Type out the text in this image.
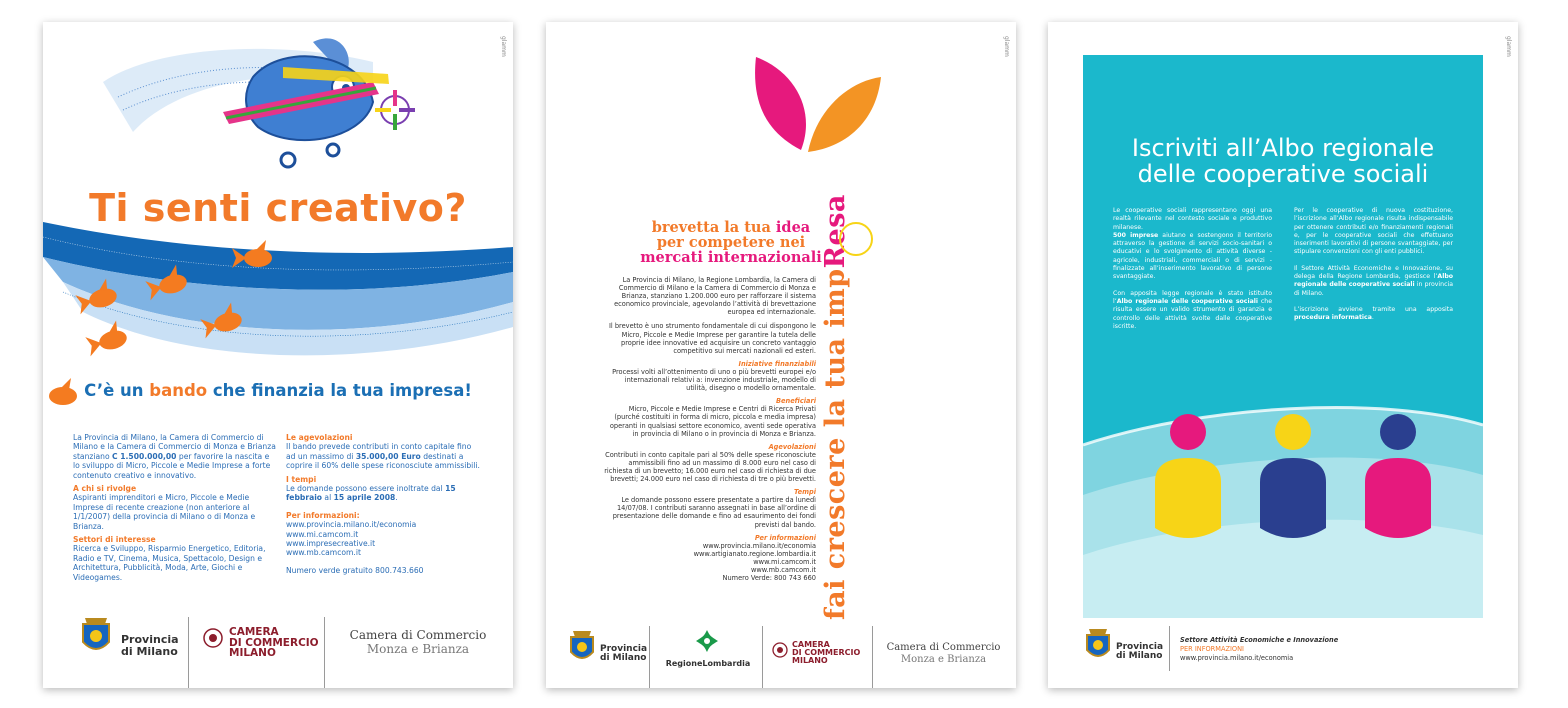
glamm
Ti senti creativo?
C’è un bando che finanzia la tua impresa!
La Provincia di Milano, la Camera di Commercio di Milano e la Camera di Commercio di Monza e Brianza stanziano C 1.500.000,00 per favorire la nascita e lo sviluppo di Micro, Piccole e Medie Imprese a forte contenuto creativo e innovativo.
A chi si rivolge
Aspiranti imprenditori e Micro, Piccole e Medie Imprese di recente creazione (non anteriore al 1/1/2007) della provincia di Milano o di Monza e Brianza.
Settori di interesse
Ricerca e Sviluppo, Risparmio Energetico, Editoria, Radio e TV, Cinema, Musica, Spettacolo, Design e Architettura, Pubblicità, Moda, Arte, Giochi e Videogames.
Le agevolazioni
Il bando prevede contributi in conto capitale fino ad un massimo di 35.000,00 Euro destinati a coprire il 60% delle spese riconosciute ammissibili.
I tempi
Le domande possono essere inoltrate dal 15 febbraio al 15 aprile 2008.
Per informazioni:
www.provincia.milano.it/economia
www.mi.camcom.it
www.impresecreative.it
www.mb.camcom.it
Numero verde gratuito 800.743.660
Provincia
di Milano
CAMERA
DI COMMERCIO
MILANO
Camera di Commercio
Monza e Brianza
glamm
brevetta la tua idea
per competere nei
mercati internazionali
fai crescere la tua impResa
La Provincia di Milano, la Regione Lombardia, la Camera di Commercio di Milano e la Camera di Commercio di Monza e Brianza, stanziano 1.200.000 euro per rafforzare il sistema economico provinciale, agevolando l’attività di brevettazione europea ed internazionale.
Il brevetto è uno strumento fondamentale di cui dispongono le Micro, Piccole e Medie Imprese per garantire la tutela delle proprie idee innovative ed acquisire un concreto vantaggio competitivo sui mercati nazionali ed esteri.
Iniziative finanziabili
Processi volti all’ottenimento di uno o più brevetti europei e/o internazionali relativi a: invenzione industriale, modello di utilità, disegno o modello ornamentale.
Beneficiari
Micro, Piccole e Medie Imprese e Centri di Ricerca Privati (purché costituiti in forma di micro, piccola e media impresa) operanti in qualsiasi settore economico, aventi sede operativa in provincia di Milano o in provincia di Monza e Brianza.
Agevolazioni
Contributi in conto capitale pari al 50% delle spese riconosciute ammissibili fino ad un massimo di 8.000 euro nel caso di richiesta di un brevetto; 16.000 euro nel caso di richiesta di due brevetti; 24.000 euro nel caso di richiesta di tre o più brevetti.
Tempi
Le domande possono essere presentate a partire da lunedì 14/07/08. I contributi saranno assegnati in base all’ordine di presentazione delle domande e fino ad esaurimento dei fondi previsti dal bando.
Per informazioni
www.provincia.milano.it/economia
www.artigianato.regione.lombardia.it
www.mi.camcom.it
www.mb.camcom.it
Numero Verde: 800 743 660
Provincia
di Milano
RegioneLombardia
CAMERA
DI COMMERCIO
MILANO
Camera di Commercio
Monza e Brianza
glamm
Iscriviti all’Albo regionale
delle cooperative sociali
Le cooperative sociali rappresentano oggi una realtà rilevante nel contesto sociale e produttivo milanese.
500 imprese aiutano e sostengono il territorio attraverso la gestione di servizi socio-sanitari o educativi e lo svolgimento di attività diverse - agricole, industriali, commerciali o di servizi - finalizzate all’inserimento lavorativo di persone svantaggiate.
Con apposita legge regionale è stato istituito l’Albo regionale delle cooperative sociali che risulta essere un valido strumento di garanzia e controllo delle attività svolte dalle cooperative iscritte.
Per le cooperative di nuova costituzione, l’iscrizione all’Albo regionale risulta indispensabile per ottenere contributi e/o finanziamenti regionali e, per le cooperative sociali che effettuano inserimenti lavorativi di persone svantaggiate, per stipulare convenzioni con gli enti pubblici.
Il Settore Attività Economiche e Innovazione, su delega della Regione Lombardia, gestisce l’Albo regionale delle cooperative sociali in provincia di Milano.
L’iscrizione avviene tramite una apposita procedura informatica.
Provincia
di Milano
Settore Attività Economiche e Innovazione
PER INFORMAZIONI
www.provincia.milano.it/economia
